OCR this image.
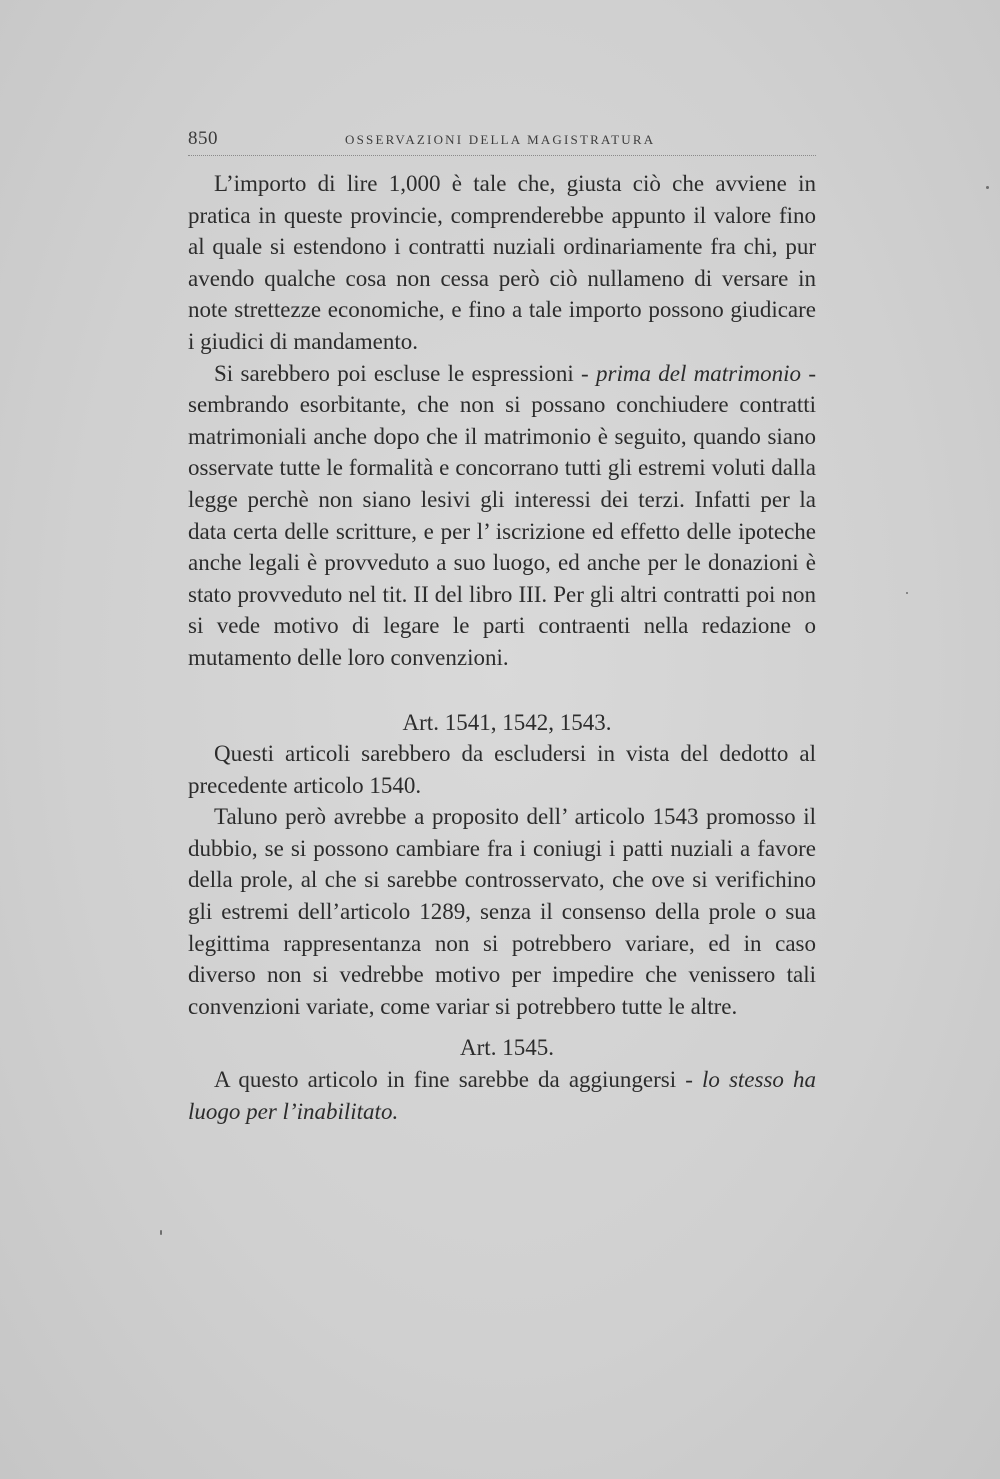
850	OSSERVAZIONI DELLA MAGISTRATURA

L’importo di lire 1,000 è tale che, giusta ciò che avviene in pratica in queste provincie, comprenderebbe appunto il valore fino al quale si estendono i contratti nuziali ordinariamente fra chi, pur avendo qualche cosa non cessa però ciò nullameno di versare in note strettezze economiche, e fino a tale importo possono giudicare i giudici di mandamento.

Si sarebbero poi escluse le espressioni - prima del matrimonio - sembrando esorbitante, che non si possano conchiudere contratti matrimoniali anche dopo che il matrimonio è seguito, quando siano osservate tutte le formalità e concorrano tutti gli estremi voluti dalla legge perchè non siano lesivi gli interessi dei terzi. Infatti per la data certa delle scritture, e per l’ iscrizione ed effetto delle ipoteche anche legali è provveduto a suo luogo, ed anche per le donazioni è stato provveduto nel tit. II del libro III. Per gli altri contratti poi non si vede motivo di legare le parti contraenti nella redazione o mutamento delle loro convenzioni.

Art. 1541, 1542, 1543.

Questi articoli sarebbero da escludersi in vista del dedotto al precedente articolo 1540.

Taluno però avrebbe a proposito dell’ articolo 1543 promosso il dubbio, se si possono cambiare fra i coniugi i patti nuziali a favore della prole, al che si sarebbe controsservato, che ove si verifichino gli estremi dell’articolo 1289, senza il consenso della prole o sua legittima rappresentanza non si potrebbero variare, ed in caso diverso non si vedrebbe motivo per impedire che venissero tali convenzioni variate, come variar si potrebbero tutte le altre.

Art. 1545.

A questo articolo in fine sarebbe da aggiungersi - lo stesso ha luogo per l’inabilitato.
